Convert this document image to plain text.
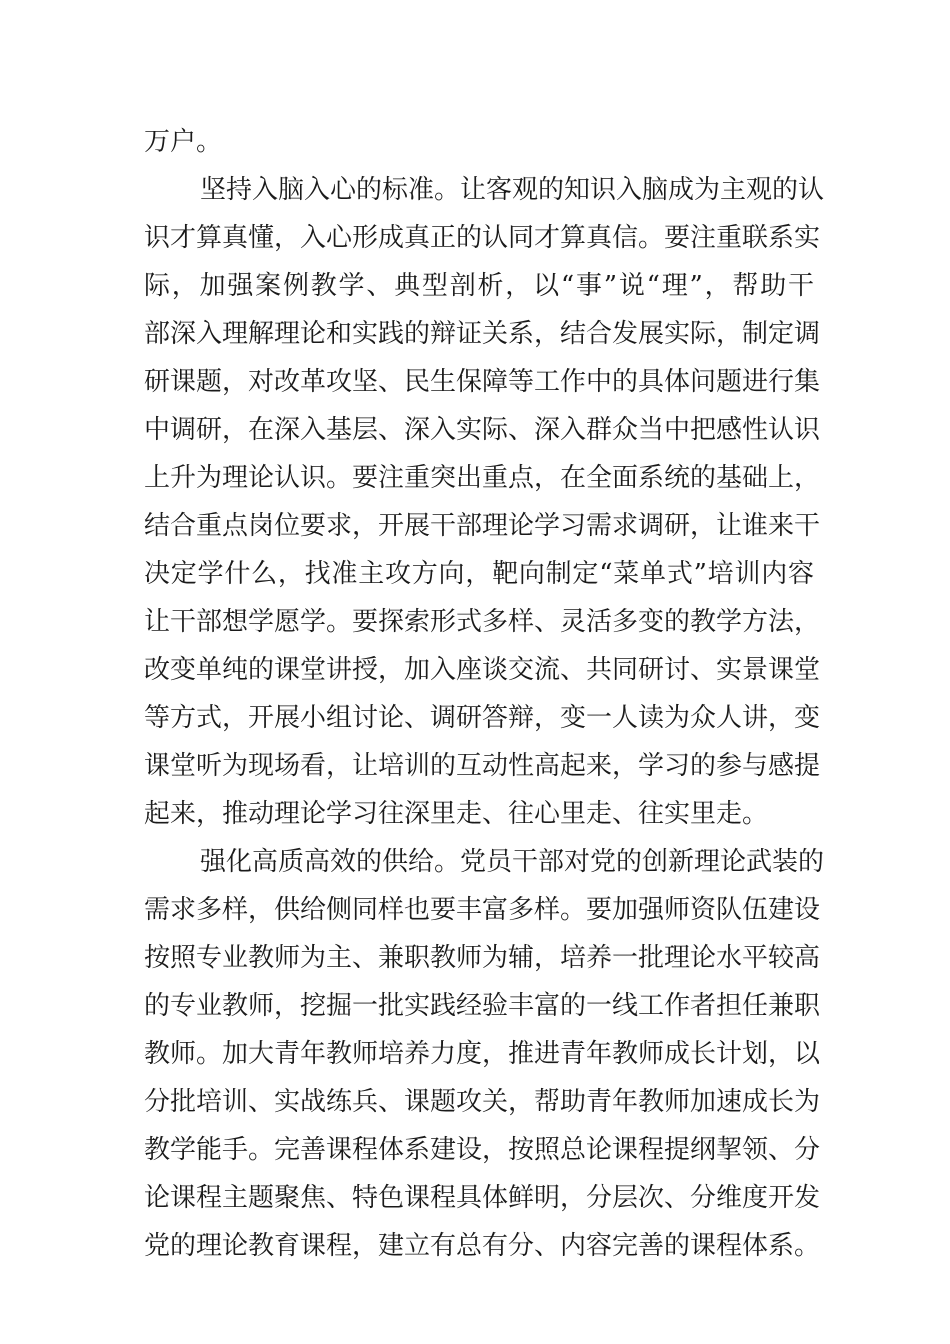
万户。
坚持入脑入心的标准。让客观的知识入脑成为主观的认
识才算真懂，入心形成真正的认同才算真信。要注重联系实
际，加强案例教学、典型剖析，以“事”说“理”，帮助干
部深入理解理论和实践的辩证关系，结合发展实际，制定调
研课题，对改革攻坚、民生保障等工作中的具体问题进行集
中调研，在深入基层、深入实际、深入群众当中把感性认识
上升为理论认识。要注重突出重点，在全面系统的基础上，
结合重点岗位要求，开展干部理论学习需求调研，让谁来干
决定学什么，找准主攻方向，靶向制定“菜单式”培训内容
让干部想学愿学。要探索形式多样、灵活多变的教学方法，
改变单纯的课堂讲授，加入座谈交流、共同研讨、实景课堂
等方式，开展小组讨论、调研答辩，变一人读为众人讲，变
课堂听为现场看，让培训的互动性高起来，学习的参与感提
起来，推动理论学习往深里走、往心里走、往实里走。
强化高质高效的供给。党员干部对党的创新理论武装的
需求多样，供给侧同样也要丰富多样。要加强师资队伍建设
按照专业教师为主、兼职教师为辅，培养一批理论水平较高
的专业教师，挖掘一批实践经验丰富的一线工作者担任兼职
教师。加大青年教师培养力度，推进青年教师成长计划，以
分批培训、实战练兵、课题攻关，帮助青年教师加速成长为
教学能手。完善课程体系建设，按照总论课程提纲挈领、分
论课程主题聚焦、特色课程具体鲜明，分层次、分维度开发
党的理论教育课程，建立有总有分、内容完善的课程体系。
